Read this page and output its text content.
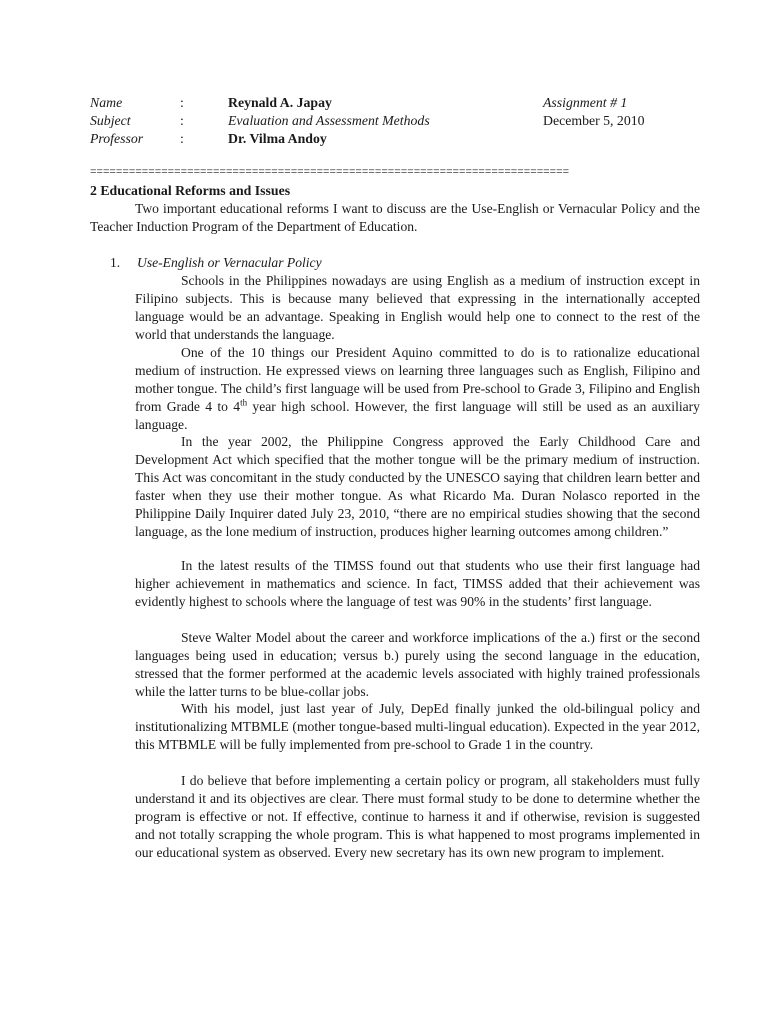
Name	:	Reynald A. Japay	Assignment # 1
Subject	:	Evaluation and Assessment Methods	December 5, 2010
Professor	:	Dr. Vilma Andoy
==========================================================================
2 Educational Reforms and Issues

Two important educational reforms I want to discuss are the Use-English or Vernacular Policy and the Teacher Induction Program of the Department of Education.

1. Use-English or Vernacular Policy

Schools in the Philippines nowadays are using English as a medium of instruction except in Filipino subjects. This is because many believed that expressing in the internationally accepted language would be an advantage. Speaking in English would help one to connect to the rest of the world that understands the language.

One of the 10 things our President Aquino committed to do is to rationalize educational medium of instruction. He expressed views on learning three languages such as English, Filipino and mother tongue. The child’s first language will be used from Pre-school to Grade 3, Filipino and English from Grade 4 to 4th year high school. However, the first language will still be used as an auxiliary language.

In the year 2002, the Philippine Congress approved the Early Childhood Care and Development Act which specified that the mother tongue will be the primary medium of instruction. This Act was concomitant in the study conducted by the UNESCO saying that children learn better and faster when they use their mother tongue. As what Ricardo Ma. Duran Nolasco reported in the Philippine Daily Inquirer dated July 23, 2010, “there are no empirical studies showing that the second language, as the lone medium of instruction, produces higher learning outcomes among children.”

In the latest results of the TIMSS found out that students who use their first language had higher achievement in mathematics and science. In fact, TIMSS added that their achievement was evidently highest to schools where the language of test was 90% in the students’ first language.

Steve Walter Model about the career and workforce implications of the a.) first or the second languages being used in education; versus b.) purely using the second language in the education, stressed that the former performed at the academic levels associated with highly trained professionals while the latter turns to be blue-collar jobs.

With his model, just last year of July, DepEd finally junked the old-bilingual policy and institutionalizing MTBMLE (mother tongue-based multi-lingual education). Expected in the year 2012, this MTBMLE will be fully implemented from pre-school to Grade 1 in the country.

I do believe that before implementing a certain policy or program, all stakeholders must fully understand it and its objectives are clear. There must formal study to be done to determine whether the program is effective or not. If effective, continue to harness it and if otherwise, revision is suggested and not totally scrapping the whole program. This is what happened to most programs implemented in our educational system as observed. Every new secretary has its own new program to implement.
